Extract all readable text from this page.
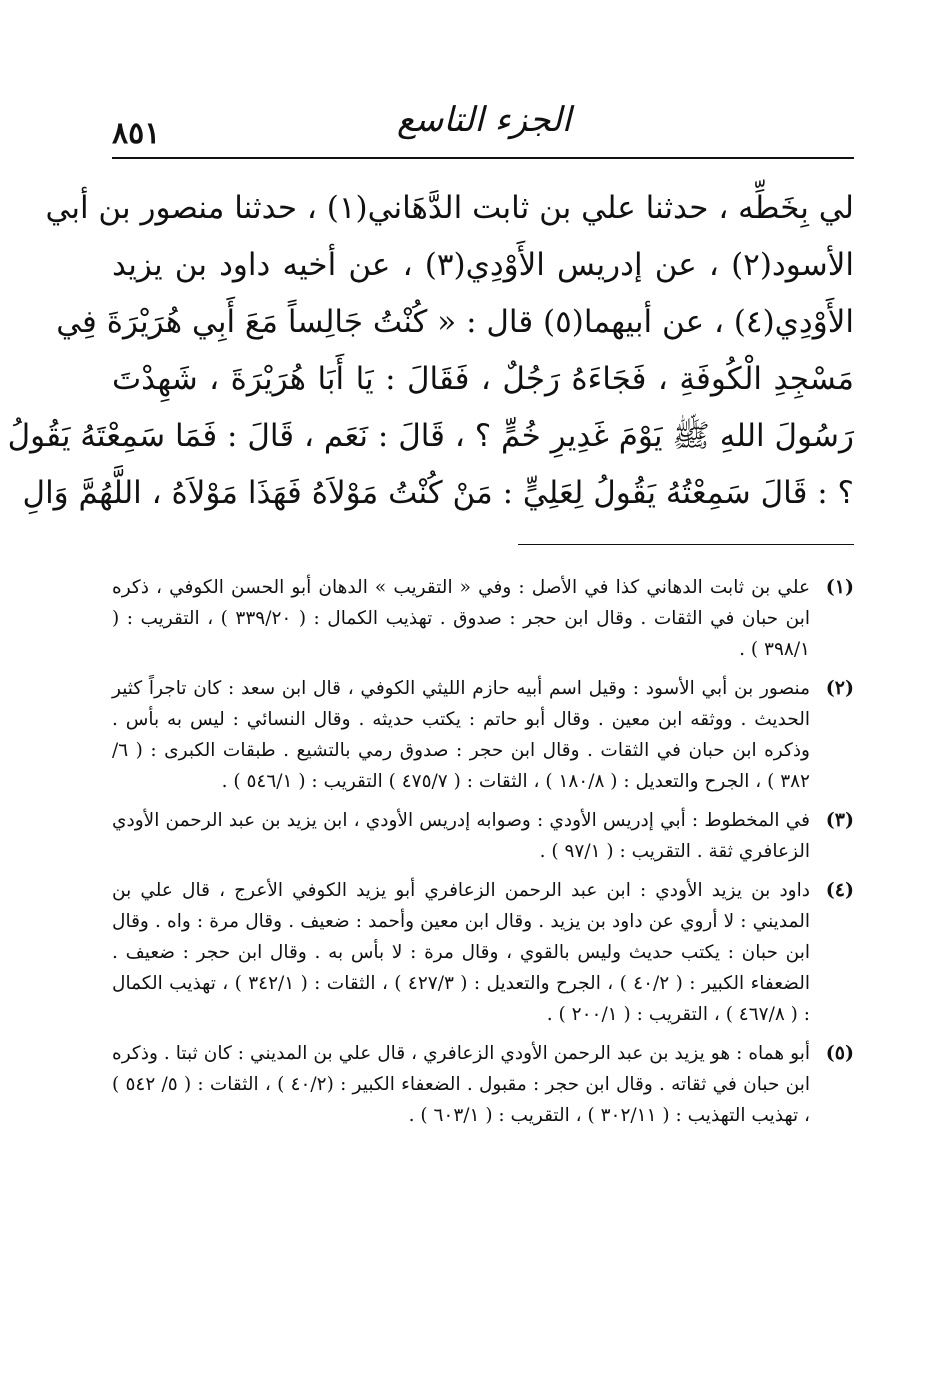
٨٥١	الجزء التاسع
لي بِخَطِّه ، حدثنا علي بن ثابت الدَّهَاني(١) ، حدثنا منصور بن أبي
الأسود(٢) ، عن إدريس الأَوْدِي(٣) ، عن أخيه داود بن يزيد
الأَوْدِي(٤) ، عن أبيهما(٥) قال : « كُنْتُ جَالِساً مَعَ أَبِي هُرَيْرَةَ فِي
مَسْجِدِ الْكُوفَةِ ، فَجَاءَهُ رَجُلٌ ، فَقَالَ : يَا أَبَا هُرَيْرَةَ ، شَهِدْتَ
رَسُولَ اللهِ ﷺ يَوْمَ غَدِيرِ خُمٍّ ؟ ، قَالَ : نَعَم ، قَالَ : فَمَا سَمِعْتَهُ يَقُولُ
؟ : قَالَ سَمِعْتُهُ يَقُولُ لِعَلِيٍّ : مَنْ كُنْتُ مَوْلاَهُ فَهَذَا مَوْلاَهُ ، اللَّهُمَّ وَالِ
(١)
علي بن ثابت الدهاني كذا في الأصل : وفي « التقريب » الدهان أبو الحسن الكوفي ، ذكره ابن حبان في الثقات . وقال ابن حجر : صدوق . تهذيب الكمال : ( ٣٣٩/٢٠ ) ، التقريب : ( ٣٩٨/١ ) .
(٢)
منصور بن أبي الأسود : وقيل اسم أبيه حازم الليثي الكوفي ، قال ابن سعد : كان تاجراً كثير الحديث . ووثقه ابن معين . وقال أبو حاتم : يكتب حديثه . وقال النسائي : ليس به بأس . وذكره ابن حبان في الثقات . وقال ابن حجر : صدوق رمي بالتشيع . طبقات الكبرى : ( ٦/ ٣٨٢ ) ، الجرح والتعديل : ( ١٨٠/٨ ) ، الثقات : ( ٤٧٥/٧ ) التقريب : ( ٥٤٦/١ ) .
(٣)
في المخطوط : أبي إدريس الأودي : وصوابه إدريس الأودي ، ابن يزيد بن عبد الرحمن الأودي الزعافري ثقة . التقريب : ( ٩٧/١ ) .
(٤)
داود بن يزيد الأودي : ابن عبد الرحمن الزعافري أبو يزيد الكوفي الأعرج ، قال علي بن المديني : لا أروي عن داود بن يزيد . وقال ابن معين وأحمد : ضعيف . وقال مرة : واه . وقال ابن حبان : يكتب حديث وليس بالقوي ، وقال مرة : لا بأس به . وقال ابن حجر : ضعيف . الضعفاء الكبير : ( ٤٠/٢ ) ، الجرح والتعديل : ( ٤٢٧/٣ ) ، الثقات : ( ٣٤٢/١ ) ، تهذيب الكمال : ( ٤٦٧/٨ ) ، التقريب : ( ٢٠٠/١ ) .
(٥)
أبو هماه : هو يزيد بن عبد الرحمن الأودي الزعافري ، قال علي بن المديني : كان ثبتا . وذكره ابن حبان في ثقاته . وقال ابن حجر : مقبول . الضعفاء الكبير : (٤٠/٢ ) ، الثقات : ( ٥/ ٥٤٢ ) ، تهذيب التهذيب : ( ٣٠٢/١١ ) ، التقريب : ( ٦٠٣/١ ) .
